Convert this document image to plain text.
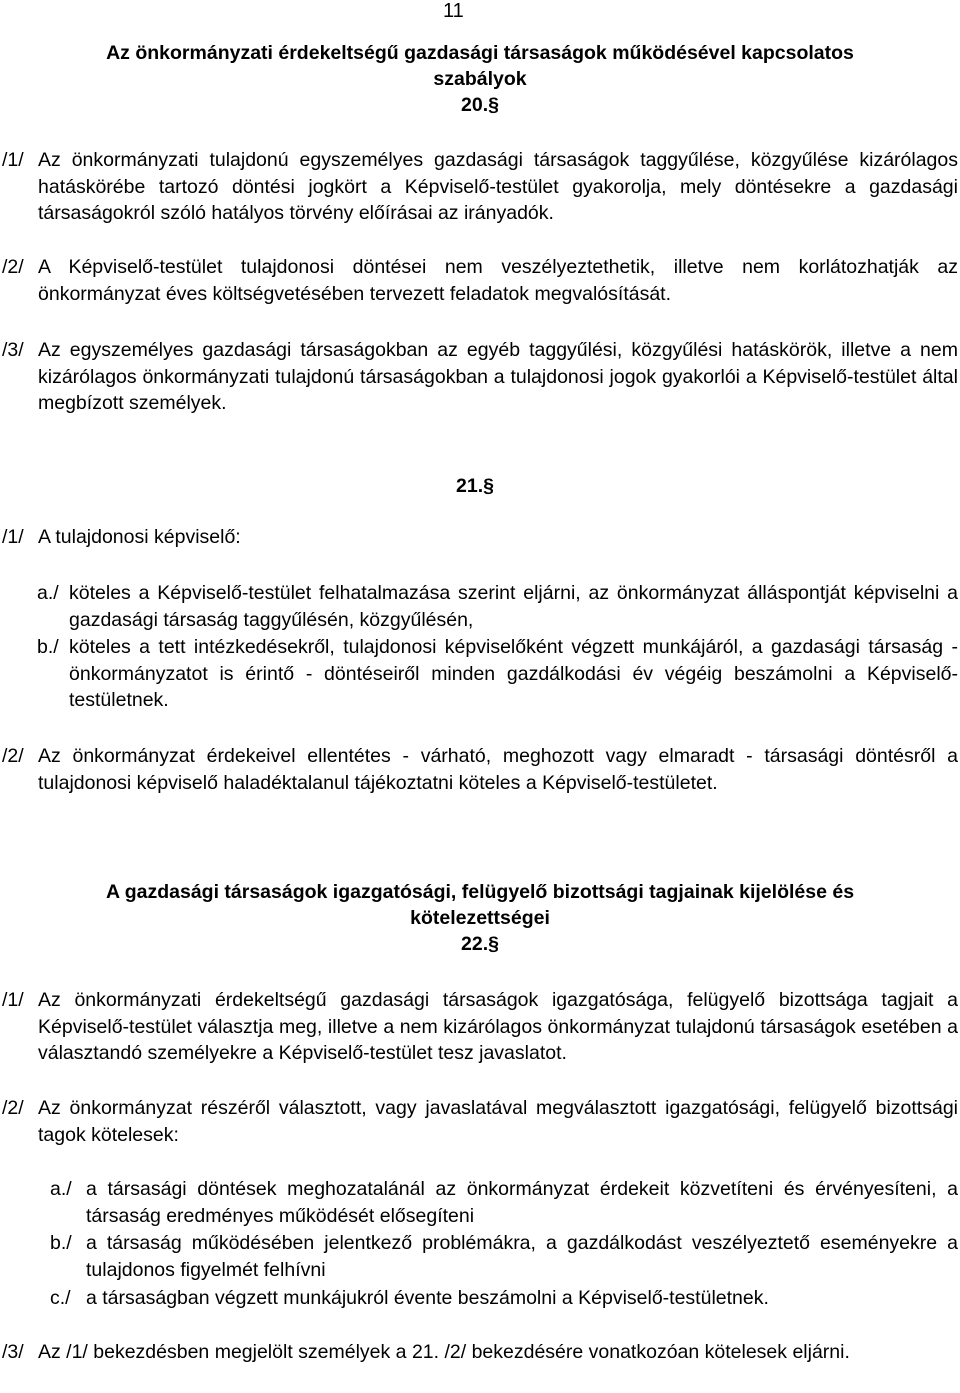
11
Az önkormányzati érdekeltségű gazdasági társaságok működésével kapcsolatos
szabályok
20.§
/1/ Az önkormányzati tulajdonú egyszemélyes gazdasági társaságok taggyűlése, közgyűlése kizárólagos hatáskörébe tartozó döntési jogkört a Képviselő-testület gyakorolja, mely döntésekre a gazdasági társaságokról szóló hatályos törvény előírásai az irányadók.
/2/ A Képviselő-testület tulajdonosi döntései nem veszélyeztethetik, illetve nem korlátozhatják az önkormányzat éves költségvetésében tervezett feladatok megvalósítását.
/3/ Az egyszemélyes gazdasági társaságokban az egyéb taggyűlési, közgyűlési hatáskörök, illetve a nem kizárólagos önkormányzati tulajdonú társaságokban a tulajdonosi jogok gyakorlói a Képviselő-testület által megbízott személyek.
21.§
/1/ A tulajdonosi képviselő:
a./ köteles a Képviselő-testület felhatalmazása szerint eljárni, az önkormányzat álláspontját képviselni a gazdasági társaság taggyűlésén, közgyűlésén,
b./ köteles a tett intézkedésekről, tulajdonosi képviselőként végzett munkájáról, a gazdasági társaság - önkormányzatot is érintő - döntéseiről minden gazdálkodási év végéig beszámolni a Képviselő-testületnek.
/2/ Az önkormányzat érdekeivel ellentétes - várható, meghozott vagy elmaradt - társasági döntésről a tulajdonosi képviselő haladéktalanul tájékoztatni köteles a Képviselő-testületet.
A gazdasági társaságok igazgatósági, felügyelő bizottsági tagjainak kijelölése és
kötelezettségei
22.§
/1/ Az önkormányzati érdekeltségű gazdasági társaságok igazgatósága, felügyelő bizottsága tagjait a Képviselő-testület választja meg, illetve a nem kizárólagos önkormányzat tulajdonú társaságok esetében a választandó személyekre a Képviselő-testület tesz javaslatot.
/2/ Az önkormányzat részéről választott, vagy javaslatával megválasztott igazgatósági, felügyelő bizottsági tagok kötelesek:
a./ a társasági döntések meghozatalánál az önkormányzat érdekeit közvetíteni és érvényesíteni, a társaság eredményes működését elősegíteni
b./ a társaság működésében jelentkező problémákra, a gazdálkodást veszélyeztető eseményekre a tulajdonos figyelmét felhívni
c./ a társaságban végzett munkájukról évente beszámolni a Képviselő-testületnek.
/3/ Az /1/ bekezdésben megjelölt személyek a 21. /2/ bekezdésére vonatkozóan kötelesek eljárni.
